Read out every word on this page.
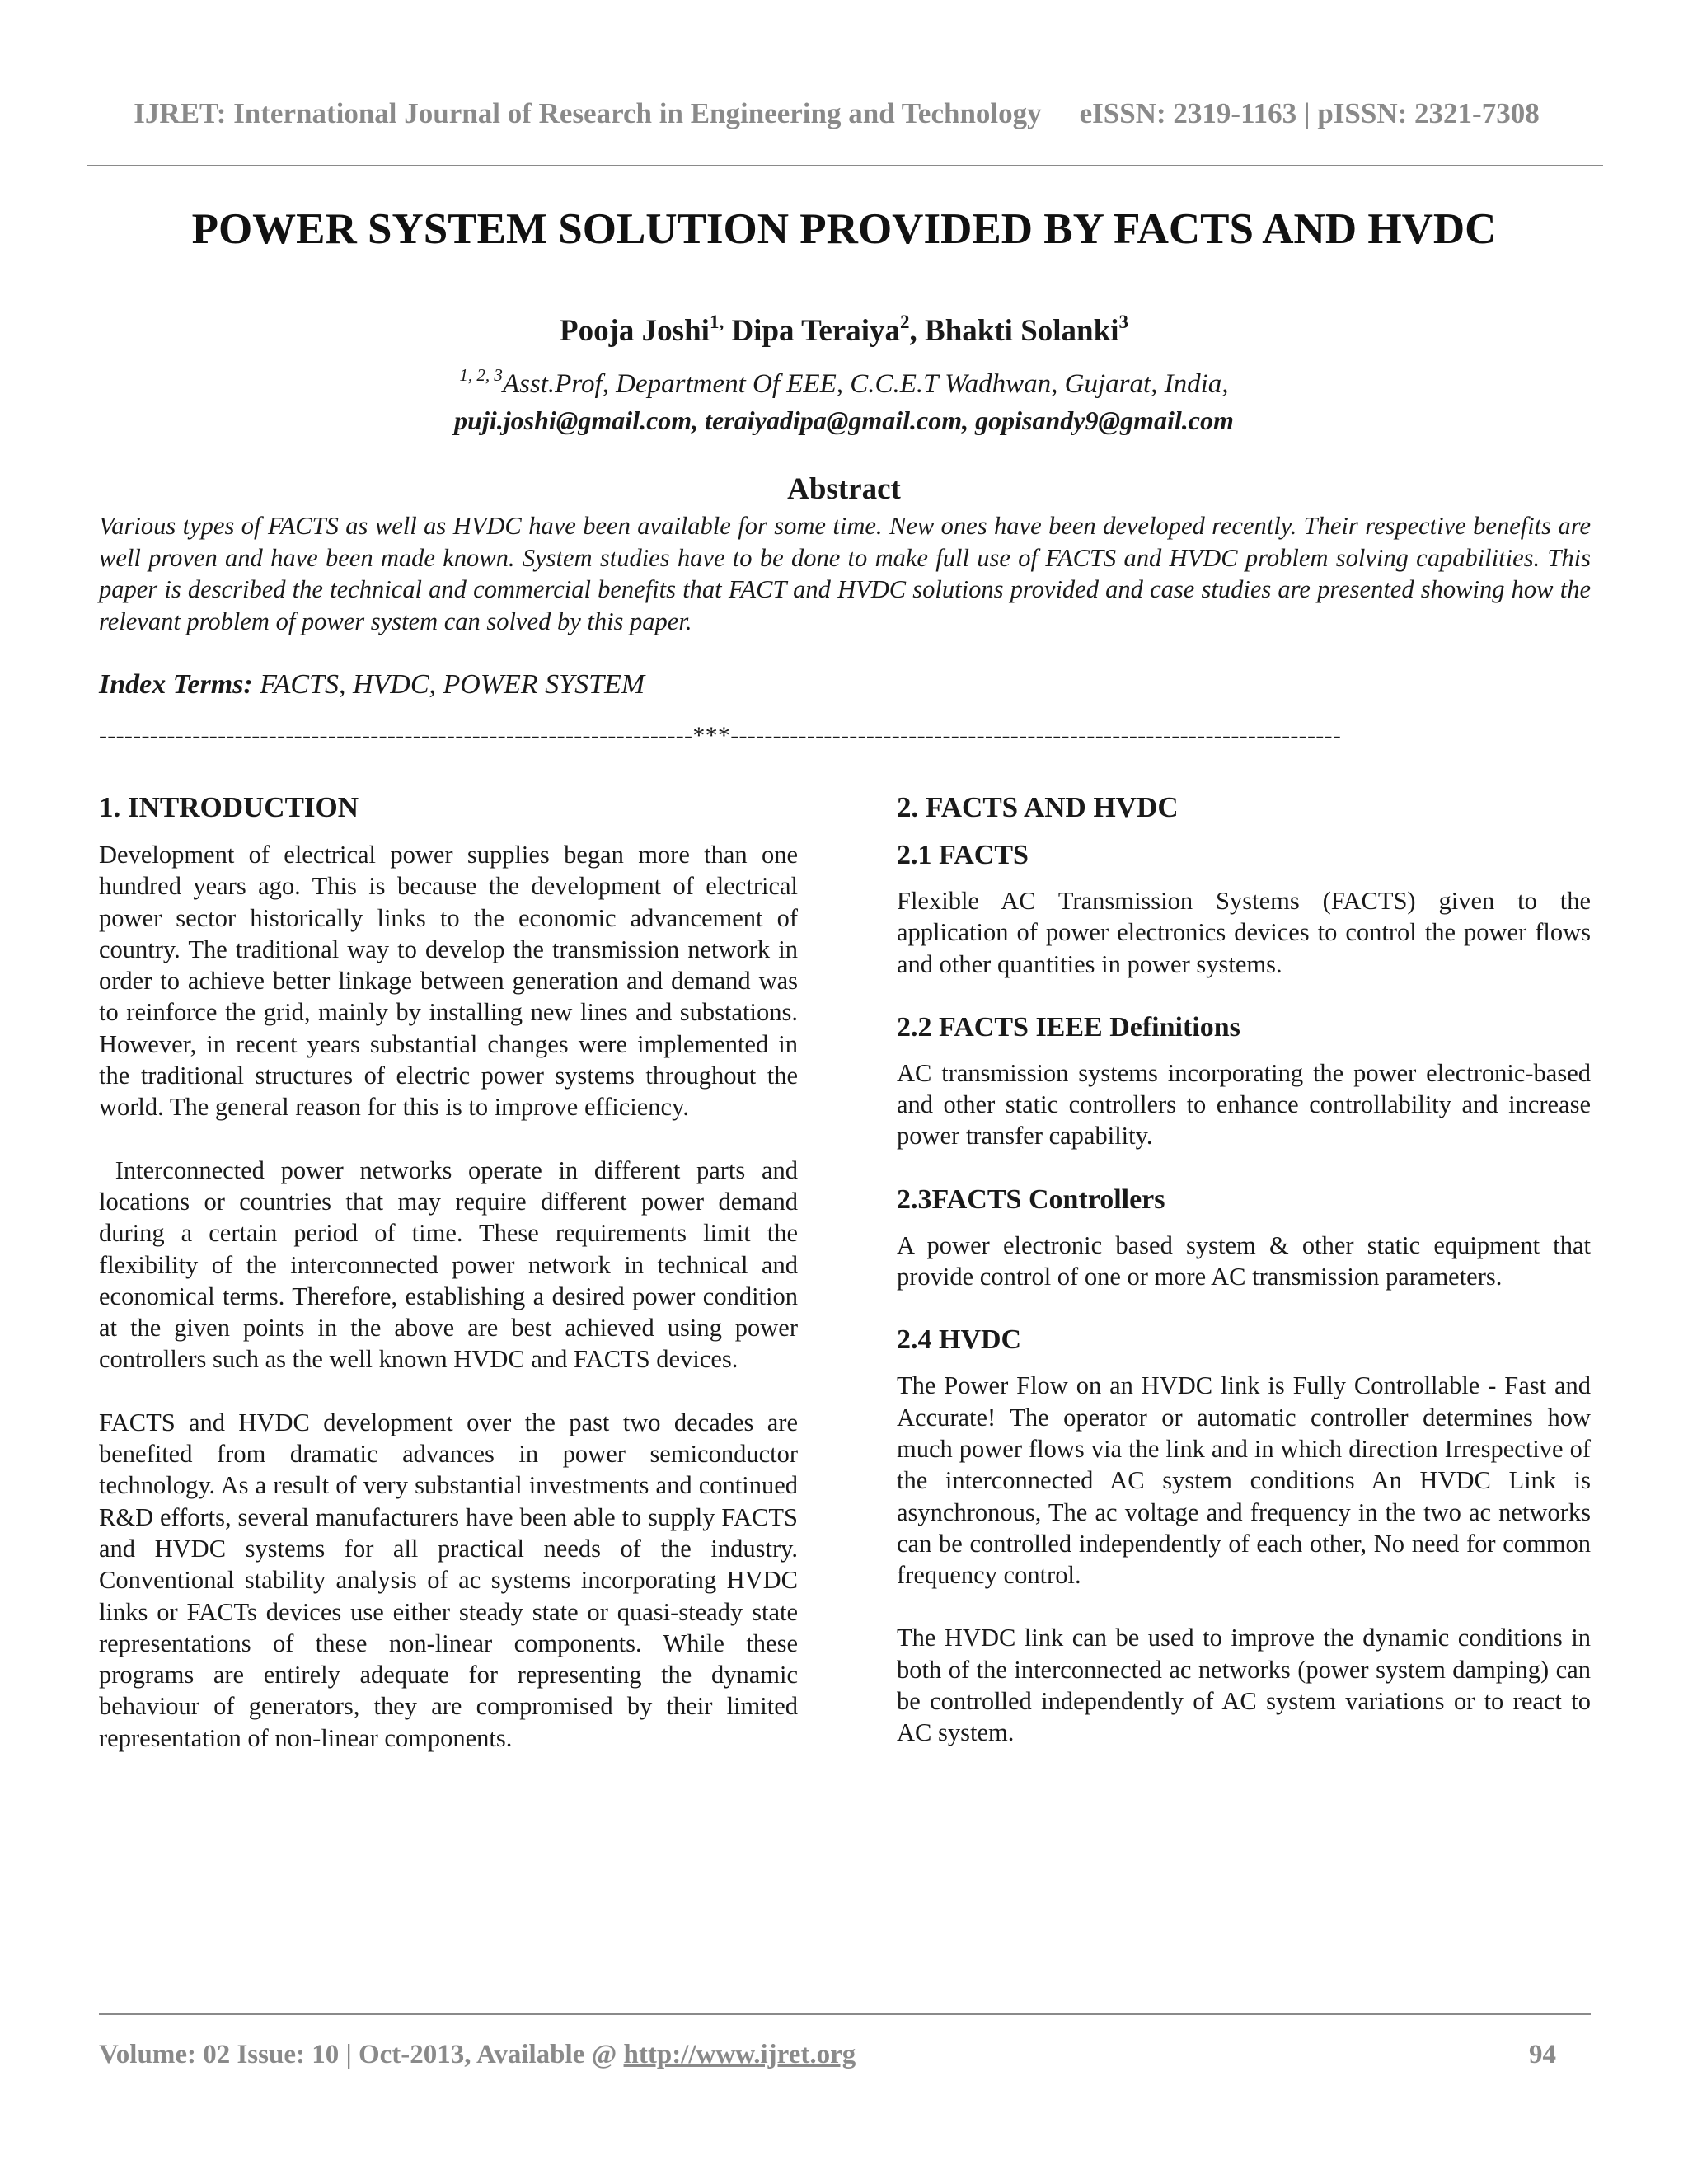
IJRET: International Journal of Research in Engineering and Technology eISSN: 2319-1163 | pISSN: 2321-7308
POWER SYSTEM SOLUTION PROVIDED BY FACTS AND HVDC
Pooja Joshi$^{1,}$ Dipa Teraiya$^2$, Bhakti Solanki$^3$
$^{1, 2, 3}$Asst.Prof, Department Of EEE, C.C.E.T Wadhwan, Gujarat, India,
puji.joshi@gmail.com, teraiyadipa@gmail.com, gopisandy9@gmail.com
Abstract
Various types of FACTS as well as HVDC have been available for some time. New ones have been developed recently. Their respective benefits are well proven and have been made known. System studies have to be done to make full use of FACTS and HVDC problem solving capabilities. This paper is described the technical and commercial benefits that FACT and HVDC solutions provided and case studies are presented showing how the relevant problem of power system can solved by this paper.
Index Terms: FACTS, HVDC, POWER SYSTEM
----------------------------------------------------------------------***------------------------------------------------------------------------
1. INTRODUCTION
Development of electrical power supplies began more than one hundred years ago. This is because the development of electrical power sector historically links to the economic advancement of country. The traditional way to develop the transmission network in order to achieve better linkage between generation and demand was to reinforce the grid, mainly by installing new lines and substations. However, in recent years substantial changes were implemented in the traditional structures of electric power systems throughout the world. The general reason for this is to improve efficiency.
Interconnected power networks operate in different parts and locations or countries that may require different power demand during a certain period of time. These requirements limit the flexibility of the interconnected power network in technical and economical terms. Therefore, establishing a desired power condition at the given points in the above are best achieved using power controllers such as the well known HVDC and FACTS devices.
FACTS and HVDC development over the past two decades are benefited from dramatic advances in power semiconductor technology. As a result of very substantial investments and continued R&D efforts, several manufacturers have been able to supply FACTS and HVDC systems for all practical needs of the industry. Conventional stability analysis of ac systems incorporating HVDC links or FACTs devices use either steady state or quasi-steady state representations of these non-linear components. While these programs are entirely adequate for representing the dynamic behaviour of generators, they are compromised by their limited representation of non-linear components.
2. FACTS AND HVDC
2.1 FACTS
Flexible AC Transmission Systems (FACTS) given to the application of power electronics devices to control the power flows and other quantities in power systems.
2.2 FACTS IEEE Definitions
AC transmission systems incorporating the power electronic-based and other static controllers to enhance controllability and increase power transfer capability.
2.3FACTS Controllers
A power electronic based system & other static equipment that provide control of one or more AC transmission parameters.
2.4 HVDC
The Power Flow on an HVDC link is Fully Controllable - Fast and Accurate! The operator or automatic controller determines how much power flows via the link and in which direction Irrespective of the interconnected AC system conditions An HVDC Link is asynchronous, The ac voltage and frequency in the two ac networks can be controlled independently of each other, No need for common frequency control.
The HVDC link can be used to improve the dynamic conditions in both of the interconnected ac networks (power system damping) can be controlled independently of AC system variations or to react to AC system.
Volume: 02 Issue: 10 | Oct-2013, Available @ http://www.ijret.org	94
